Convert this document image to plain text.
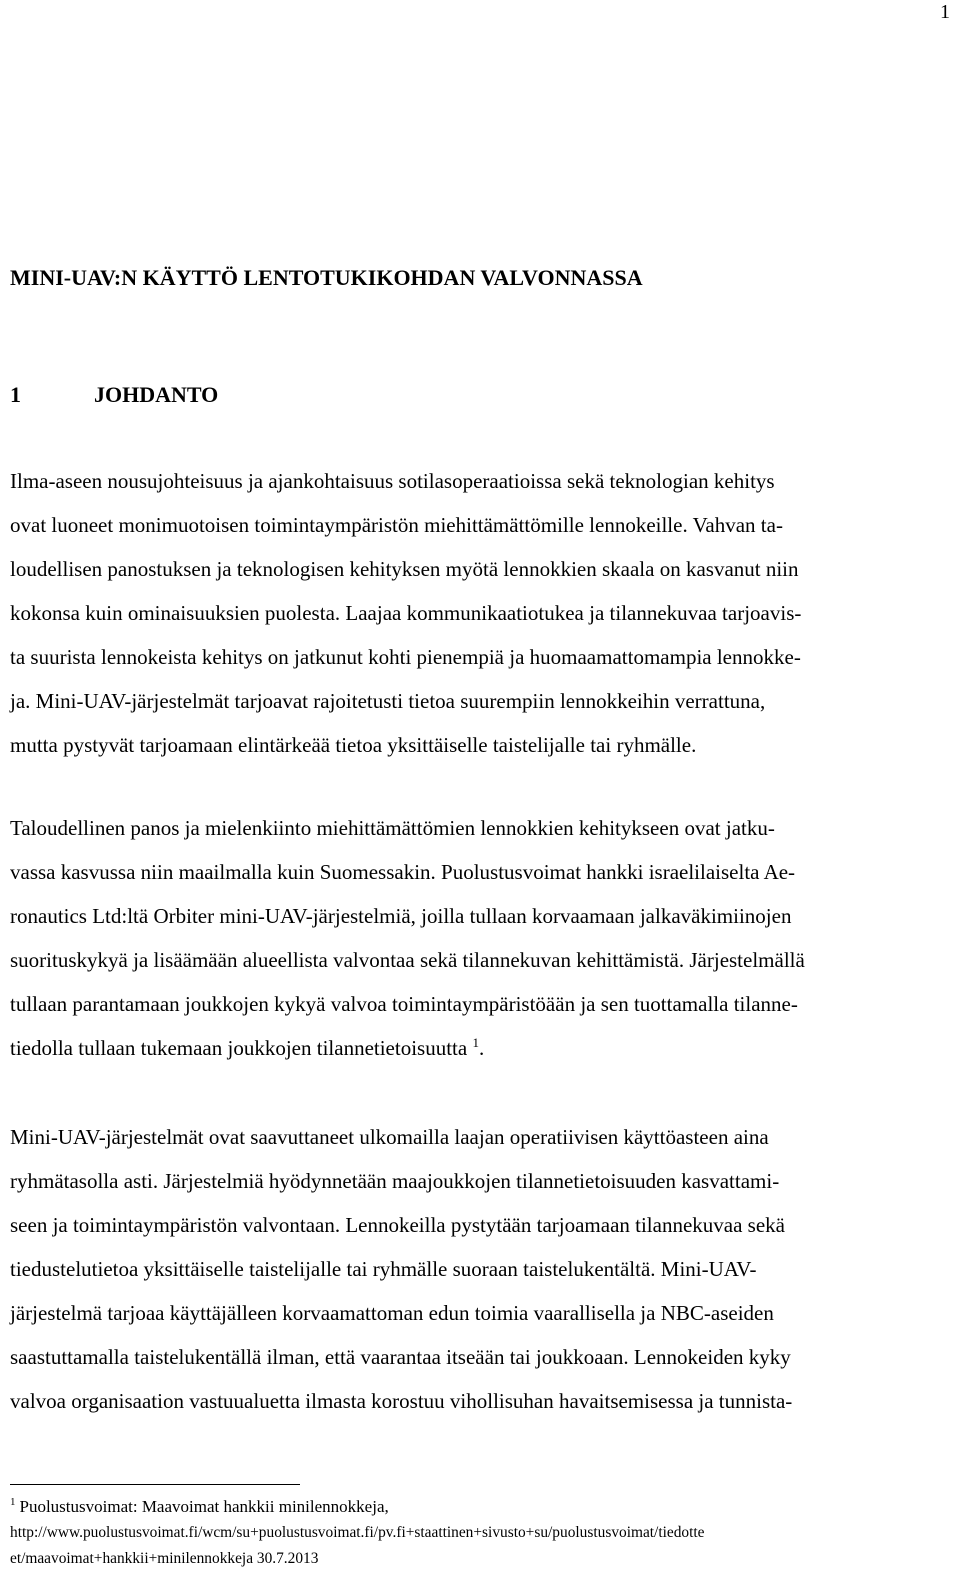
1
MINI-UAV:N KÄYTTÖ LENTOTUKIKOHDAN VALVONNASSA
1	JOHDANTO

Ilma-aseen nousujohteisuus ja ajankohtaisuus sotilasoperaatioissa sekä teknologian kehitys
ovat luoneet monimuotoisen toimintaympäristön miehittämättömille lennokeille. Vahvan ta-
loudellisen panostuksen ja teknologisen kehityksen myötä lennokkien skaala on kasvanut niin
kokonsa kuin ominaisuuksien puolesta. Laajaa kommunikaatiotukea ja tilannekuvaa tarjoavis-
ta suurista lennokeista kehitys on jatkunut kohti pienempiä ja huomaamattomampia lennokke-
ja. Mini-UAV-järjestelmät tarjoavat rajoitetusti tietoa suurempiin lennokkeihin verrattuna,
mutta pystyvät tarjoamaan elintärkeää tietoa yksittäiselle taistelijalle tai ryhmälle.

Taloudellinen panos ja mielenkiinto miehittämättömien lennokkien kehitykseen ovat jatku-
vassa kasvussa niin maailmalla kuin Suomessakin. Puolustusvoimat hankki israelilaiselta Ae-
ronautics Ltd:ltä Orbiter mini-UAV-järjestelmiä, joilla tullaan korvaamaan jalkaväkimiinojen
suorituskykyä ja lisäämään alueellista valvontaa sekä tilannekuvan kehittämistä. Järjestelmällä
tullaan parantamaan joukkojen kykyä valvoa toimintaympäristöään ja sen tuottamalla tilanne-
tiedolla tullaan tukemaan joukkojen tilannetietoisuutta $^1$.

Mini-UAV-järjestelmät ovat saavuttaneet ulkomailla laajan operatiivisen käyttöasteen aina
ryhmätasolla asti. Järjestelmiä hyödynnetään maajoukkojen tilannetietoisuuden kasvattami-
seen ja toimintaympäristön valvontaan. Lennokeilla pystytään tarjoamaan tilannekuvaa sekä
tiedustelutietoa yksittäiselle taistelijalle tai ryhmälle suoraan taistelukentältä. Mini-UAV-
järjestelmä tarjoaa käyttäjälleen korvaamattoman edun toimia vaarallisella ja NBC-aseiden
saastuttamalla taistelukentällä ilman, että vaarantaa itseään tai joukkoaan. Lennokeiden kyky
valvoa organisaation vastuualuetta ilmasta korostuu vihollisuhan havaitsemisessa ja tunnista-

$^1$ Puolustusvoimat: Maavoimat hankkii minilennokkeja,
http://www.puolustusvoimat.fi/wcm/su+puolustusvoimat.fi/pv.fi+staattinen+sivusto+su/puolustusvoimat/tiedotte
et/maavoimat+hankkii+minilennokkeja 30.7.2013
